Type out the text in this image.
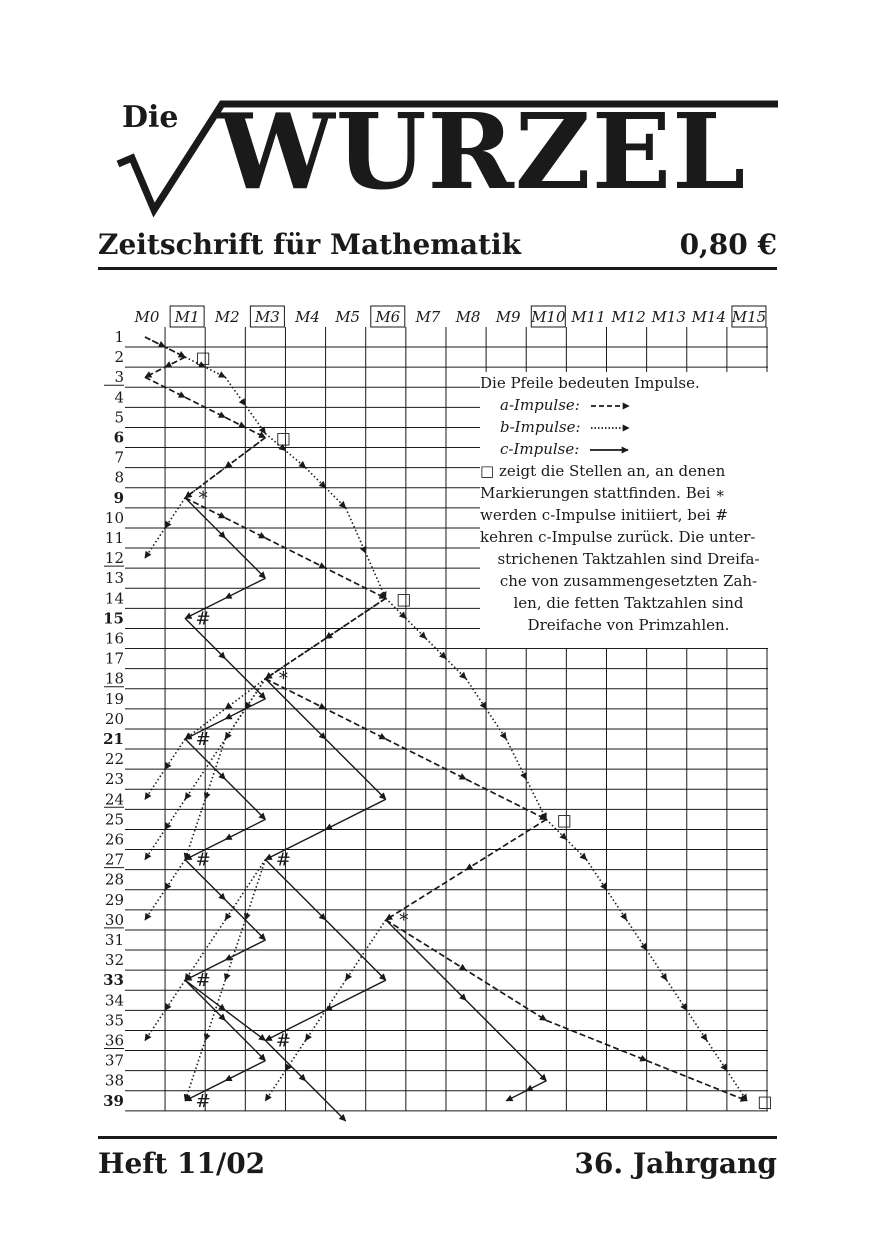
Die WURZEL
Zeitschrift für Mathematik	0,80 €
M0 M1 M2 M3 M4 M5 M6 M7 M8 M9 M10 M11 M12 M13 M14 M15
1
2
3
4
5
6
7
8
9
10
11
12
13
14
15
16
17
18
19
20
21
22
23
24
25
26
27
28
29
30
31
32
33
34
35
36
37
38
39
□
□
*
□
#
*
#
□
#	#
*
#
#
#	□
Die Pfeile bedeuten Impulse.
a-Impulse:
b-Impulse:
c-Impulse:
□ zeigt die Stellen an, an denen
Markierungen stattfinden. Bei ∗
werden c-Impulse initiiert, bei #
kehren c-Impulse zurück. Die unter-
strichenen Taktzahlen sind Dreifa-
che von zusammengesetzten Zah-
len, die fetten Taktzahlen sind
Dreifache von Primzahlen.
Heft 11/02	36. Jahrgang
